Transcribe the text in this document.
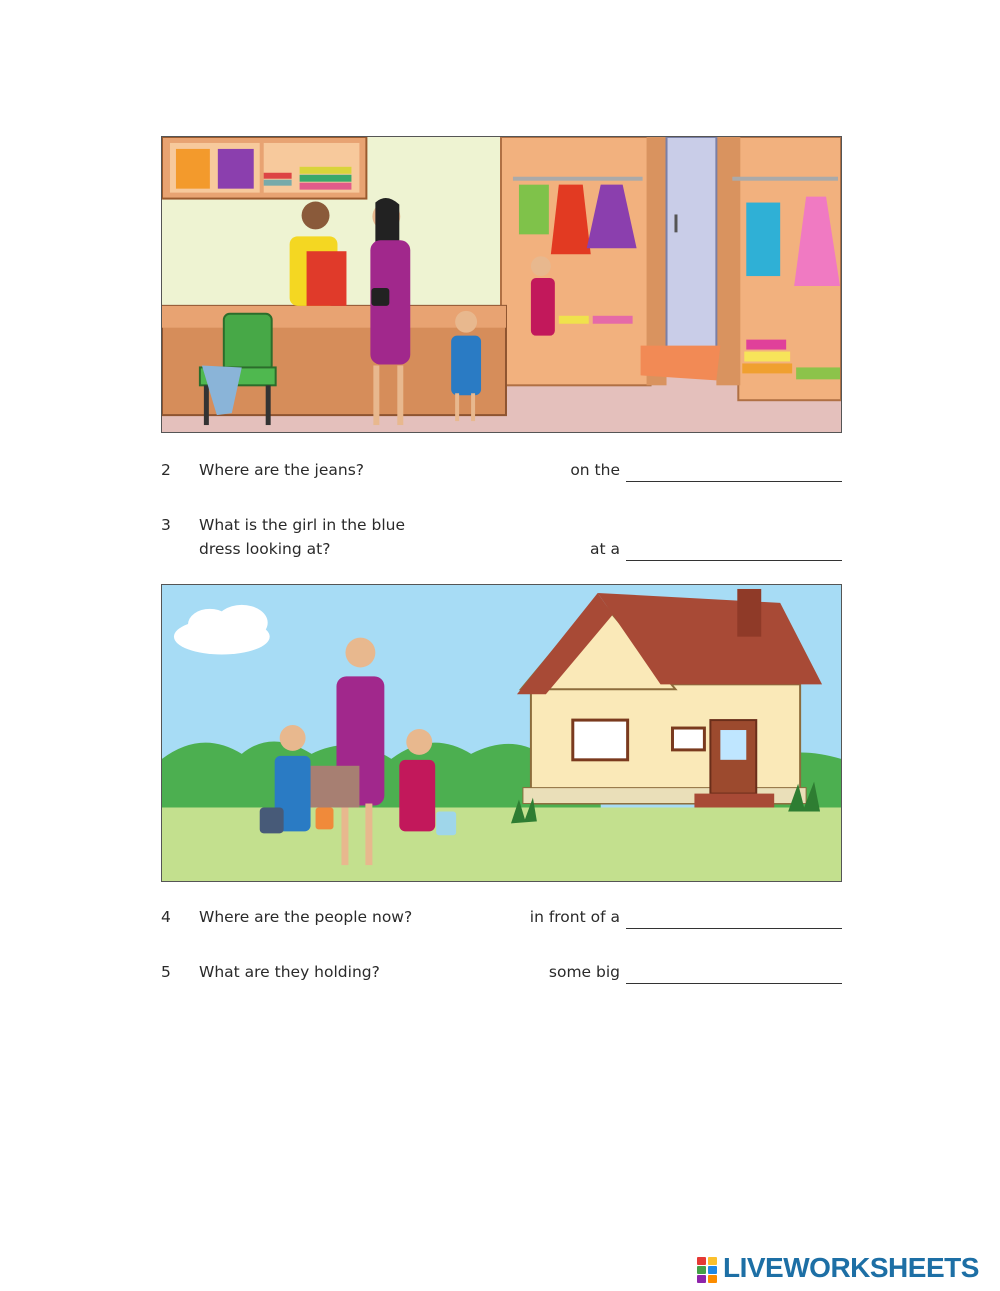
2 Where are the jeans?	on the
3 What is the girl in the blue
dress looking at?	at a
4 Where are the people now?	in front of a
5 What are they holding?	some big
LIVEWORKSHEETS
